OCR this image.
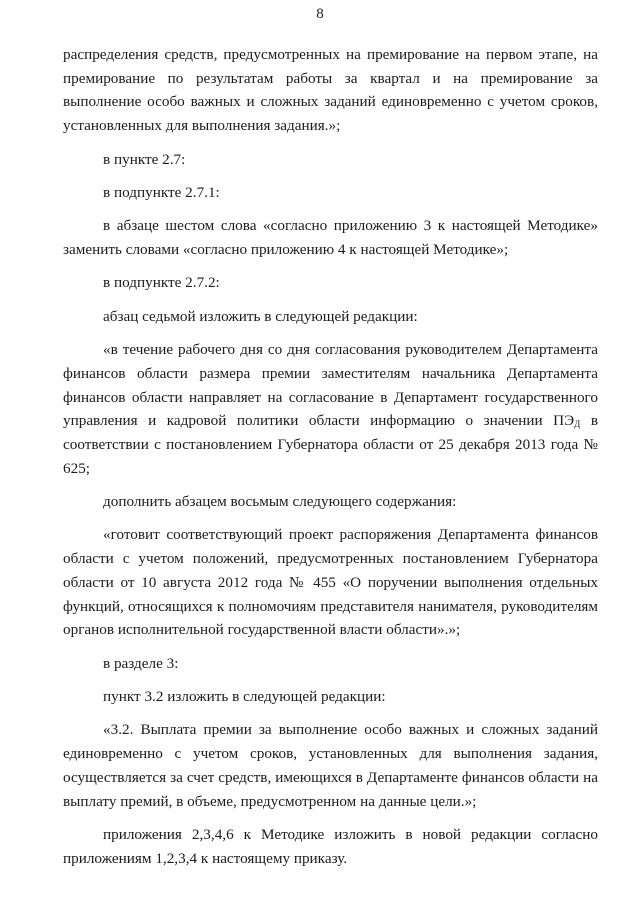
8

распределения средств, предусмотренных на премирование на первом этапе, на премирование по результатам работы за квартал и на премирование за выполнение особо важных и сложных заданий единовременно с учетом сроков, установленных для выполнения задания.»;

в пункте 2.7:

в подпункте 2.7.1:

в абзаце шестом слова «согласно приложению 3 к настоящей Методике» заменить словами «согласно приложению 4 к настоящей Методике»;

в подпункте 2.7.2:

абзац седьмой изложить в следующей редакции:

«в течение рабочего дня со дня согласования руководителем Департамента финансов области размера премии заместителям начальника Департамента финансов области направляет на согласование в Департамент государственного управления и кадровой политики области информацию о значении $ПЭ_Д$ в соответствии с постановлением Губернатора области от 25 декабря 2013 года № 625;

дополнить абзацем восьмым следующего содержания:

«готовит соответствующий проект распоряжения Департамента финансов области с учетом положений, предусмотренных постановлением Губернатора области от 10 августа 2012 года № 455 «О поручении выполнения отдельных функций, относящихся к полномочиям представителя нанимателя, руководителям органов исполнительной государственной власти области».»;

в разделе 3:

пункт 3.2 изложить в следующей редакции:

«3.2. Выплата премии за выполнение особо важных и сложных заданий единовременно с учетом сроков, установленных для выполнения задания, осуществляется за счет средств, имеющихся в Департаменте финансов области на выплату премий, в объеме, предусмотренном на данные цели.»;

приложения 2,3,4,6 к Методике изложить в новой редакции согласно приложениям 1,2,3,4 к настоящему приказу.
